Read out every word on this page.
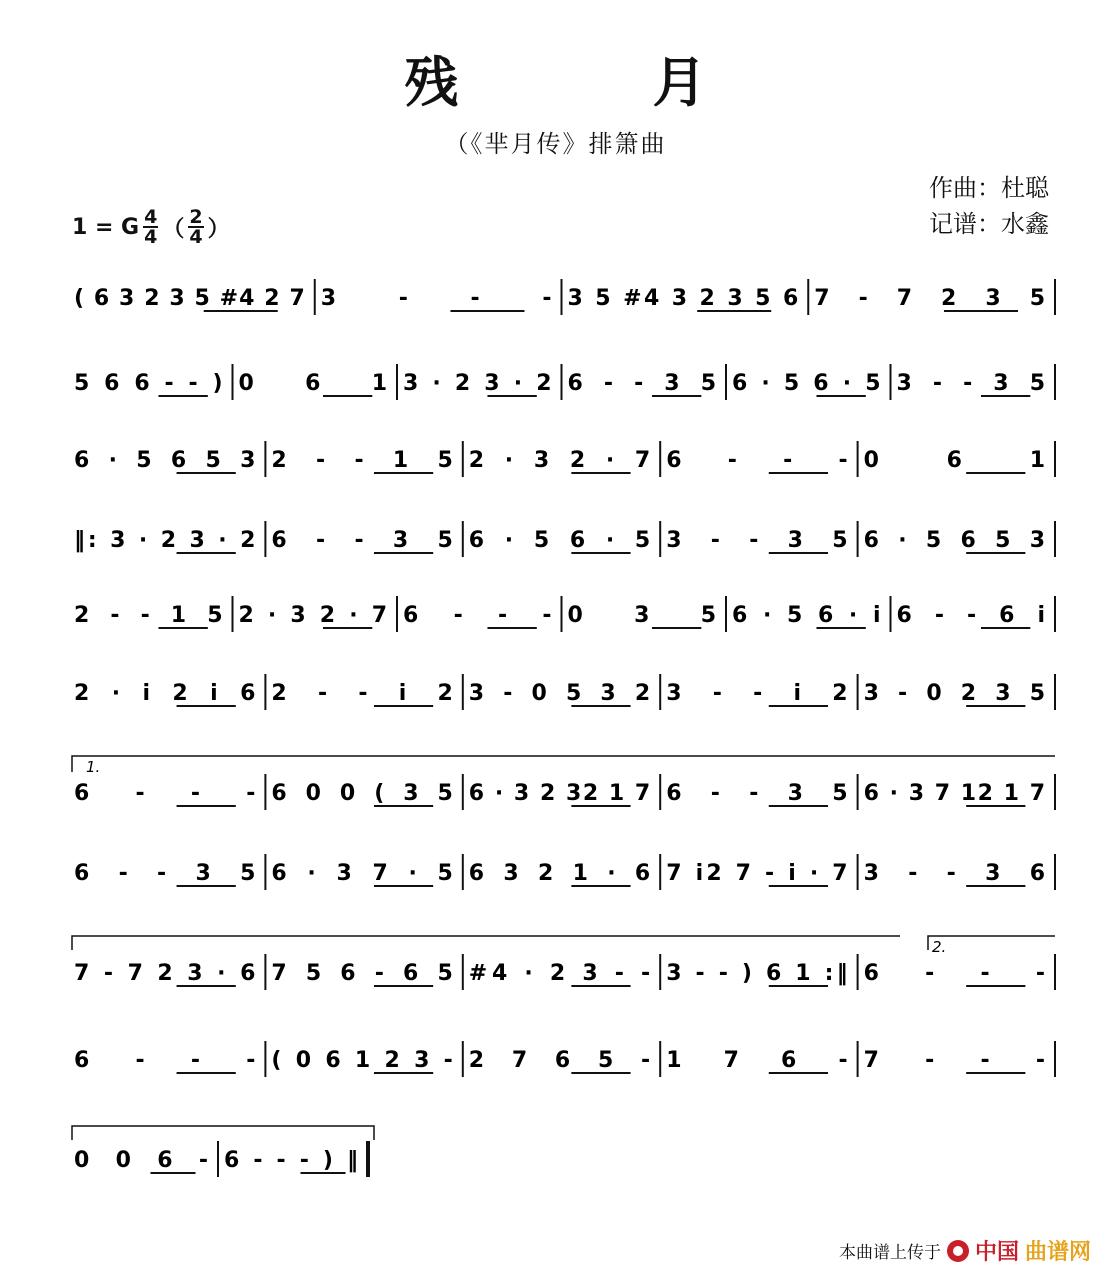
残　月
（《芈月传》排箫曲
作曲：杜聪
记谱：水鑫
1 = G $\frac{4}{4}$ （ $\frac{2}{4}$ ）
( 6 3 2 3 5 #4 2 7 3 - - - 3 5 #4 3 2 3 5 6 7 - 7 2 3 5
5 6 6 - - ) 0 6 1 3 · 2 3 · 2 6 - - 3 5 6 · 5 6 · 5 3 - - 3 5
6 · 5 6 5 3 2 - - 1 5 2 · 3 2 · 7 6 - - - 0 6 1
‖: 3 · 2 3 · 2 6 - - 3 5 6 · 5 6 · 5 3 - - 3 5 6 · 5 6 5 3
2 - - 1 5 2 · 3 2 · 7 6 - - - 0 3 5 6 · 5 6 · i 6 - - 6 i
2 · i 2 i 6 2 - - i 2 3 - 0 5 3 2 3 - - i 2 3 - 0 2 3 5
6 - - - 6 0 0 ( 3 5 6 · 3 2 32 1 7 6 - - 3 5 6 · 3 7 12 1 7
6 - - 3 5 6 · 3 7 · 5 6 3 2 1 · 6 7 i2 7 - i · 7 3 - - 3 6
7 - 7 2 3 · 6 7 5 6 - 6 5 #4 · 2 3 - - 3 - - ) 6 1 :‖ 6 - - -
6 - - - ( 0 6 1 2 3 - 2 7 6 5 - 1 7 6 - 7 - - -
0 0 6 - 6 - - - ) ‖
1.
2.
本曲谱上传于 中国 曲谱网
